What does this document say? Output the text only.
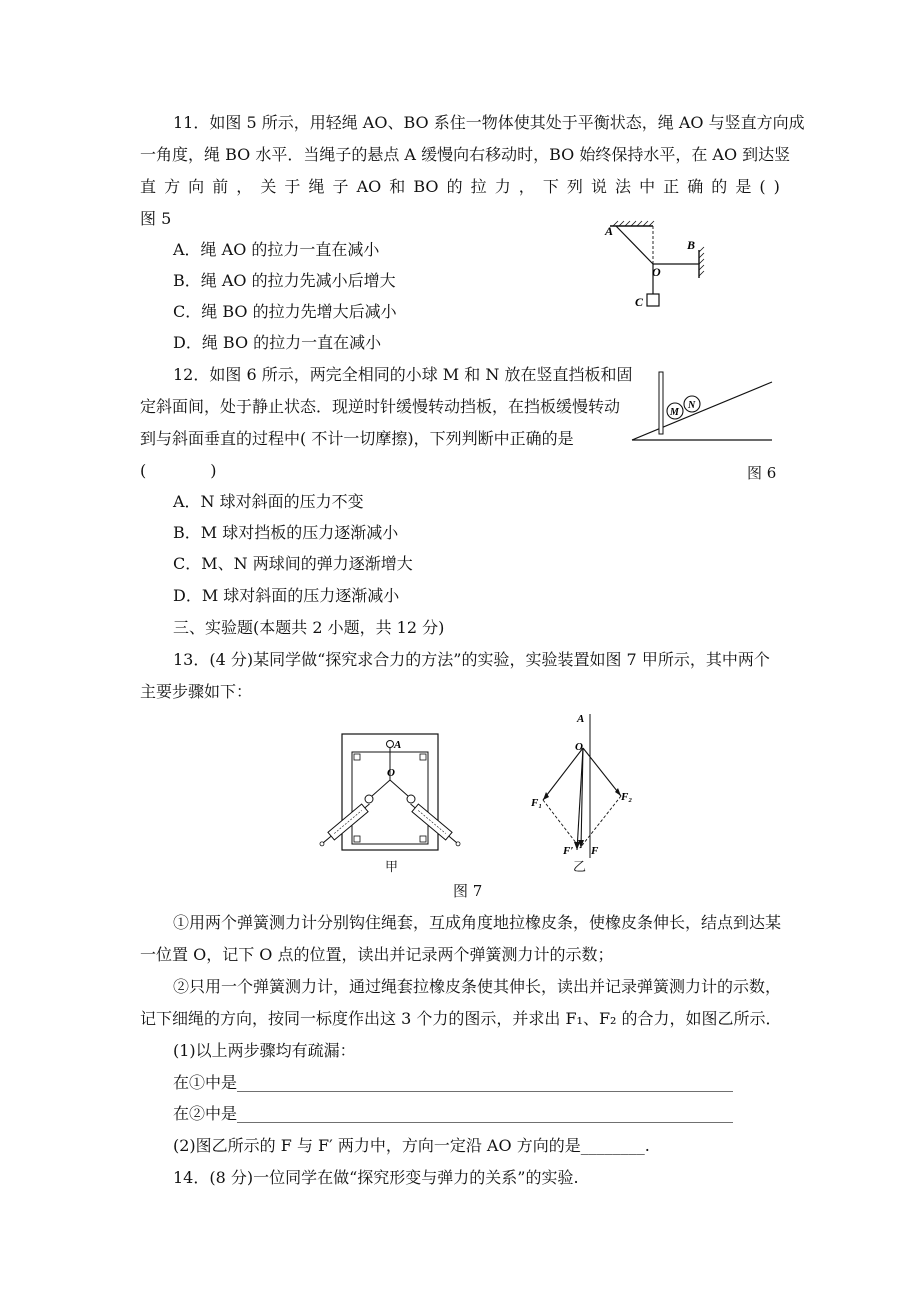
11．如图 5 所示，用轻绳 AO、BO 系住一物体使其处于平衡状态，绳 AO 与竖直方向成
一角度，绳 BO 水平．当绳子的悬点 A 缓慢向右移动时，BO 始终保持水平，在 AO 到达竖
直 方 向 前 ， 关 于 绳 子 AO 和 BO 的 拉 力 ， 下 列 说 法 中 正 确 的 是 ( )
图 5
A．绳 AO 的拉力一直在减小
B．绳 AO 的拉力先减小后增大
C．绳 BO 的拉力先增大后减小
D．绳 BO 的拉力一直在减小
A
B
O
C
12．如图 6 所示，两完全相同的小球 M 和 N 放在竖直挡板和固
定斜面间，处于静止状态．现逆时针缓慢转动挡板，在挡板缓慢转动
到与斜面垂直的过程中( 不计一切摩擦)，下列判断中正确的是
(　　　　)
A．N 球对斜面的压力不变
B．M 球对挡板的压力逐渐减小
C．M、N 两球间的弹力逐渐增大
D．M 球对斜面的压力逐渐减小
M
N
图 6
三、实验题(本题共 2 小题，共 12 分)
13．(4 分)某同学做“探究求合力的方法”的实验，实验装置如图 7 甲所示，其中两个
主要步骤如下：
A
O
甲
A
O
F₁	F₂
F′ F
乙
图 7
①用两个弹簧测力计分别钩住绳套，互成角度地拉橡皮条，使橡皮条伸长，结点到达某
一位置 O，记下 O 点的位置，读出并记录两个弹簧测力计的示数；
②只用一个弹簧测力计，通过绳套拉橡皮条使其伸长，读出并记录弹簧测力计的示数，
记下细绳的方向，按同一标度作出这 3 个力的图示，并求出 F₁、F₂ 的合力，如图乙所示．
(1)以上两步骤均有疏漏：
在①中是______________________________________________________________
在②中是______________________________________________________________
(2)图乙所示的 F 与 F′ 两力中，方向一定沿 AO 方向的是________.
14．(8 分)一位同学在做“探究形变与弹力的关系”的实验.
